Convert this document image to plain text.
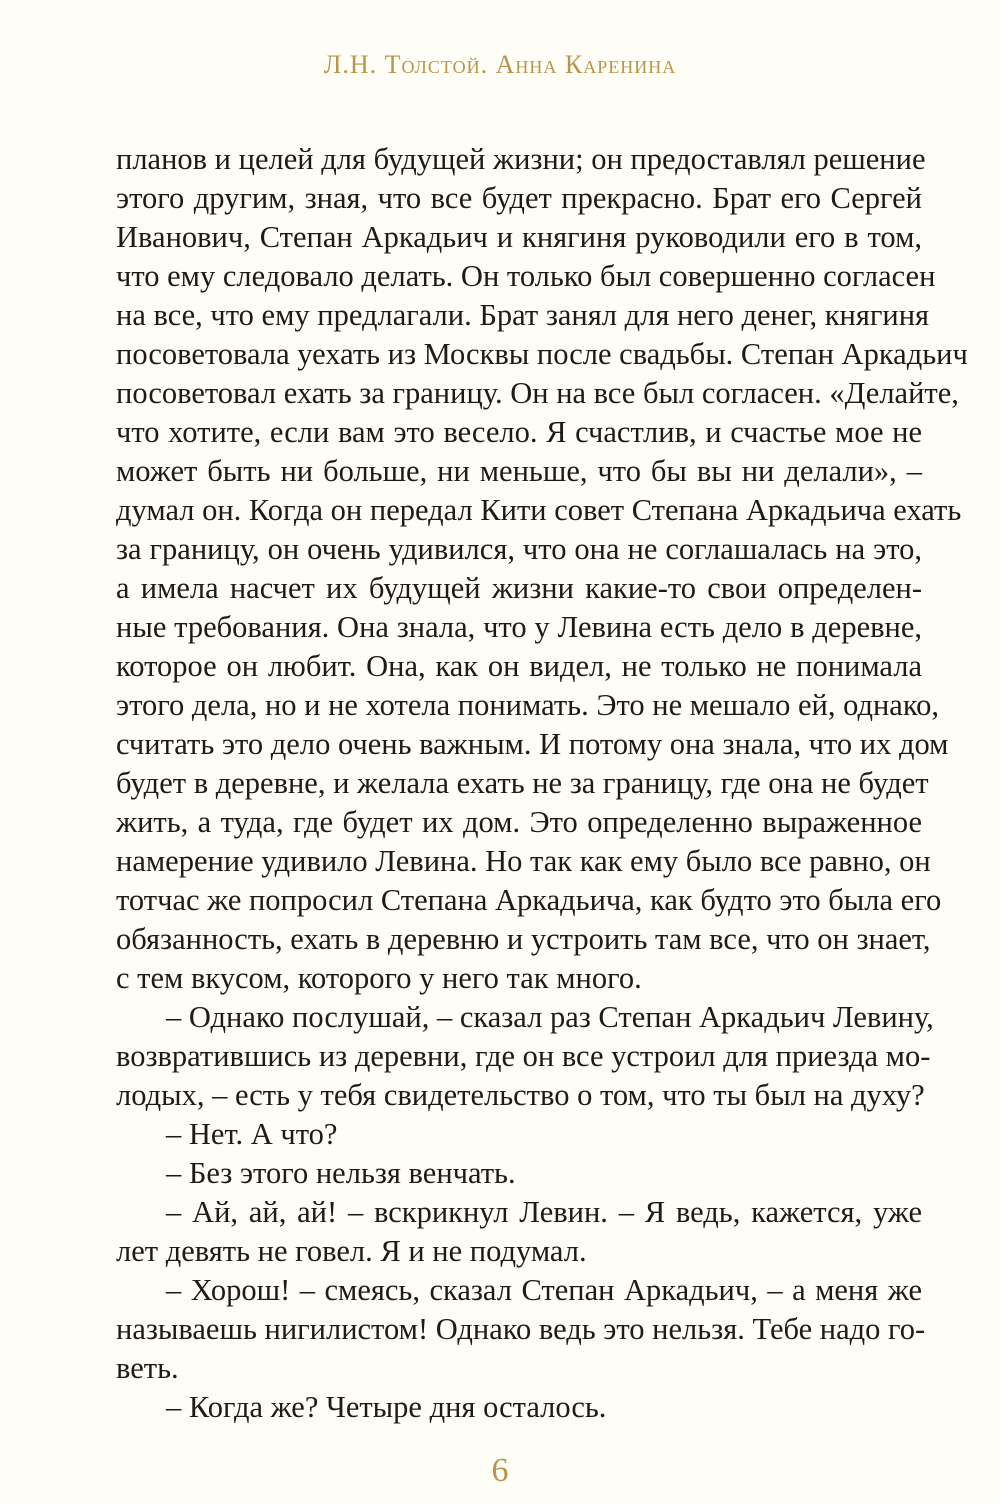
Л.Н. Толстой. Анна Каренина
планов и целей для будущей жизни; он предоставлял решение
этого другим, зная, что все будет прекрасно. Брат его Сергей
Иванович, Степан Аркадьич и княгиня руководили его в том,
что ему следовало делать. Он только был совершенно согласен
на все, что ему предлагали. Брат занял для него денег, княгиня
посоветовала уехать из Москвы после свадьбы. Степан Аркадьич
посоветовал ехать за границу. Он на все был согласен. «Делайте,
что хотите, если вам это весело. Я счастлив, и счастье мое не
может быть ни больше, ни меньше, что бы вы ни делали», –
думал он. Когда он передал Кити совет Степана Аркадьича ехать
за границу, он очень удивился, что она не соглашалась на это,
а имела насчет их будущей жизни какие-то свои определен-
ные требования. Она знала, что у Левина есть дело в деревне,
которое он любит. Она, как он видел, не только не понимала
этого дела, но и не хотела понимать. Это не мешало ей, однако,
считать это дело очень важным. И потому она знала, что их дом
будет в деревне, и желала ехать не за границу, где она не будет
жить, а туда, где будет их дом. Это определенно выраженное
намерение удивило Левина. Но так как ему было все равно, он
тотчас же попросил Степана Аркадьича, как будто это была его
обязанность, ехать в деревню и устроить там все, что он знает,
с тем вкусом, которого у него так много.
– Однако послушай, – сказал раз Степан Аркадьич Левину,
возвратившись из деревни, где он все устроил для приезда мо-
лодых, – есть у тебя свидетельство о том, что ты был на духу?
– Нет. А что?
– Без этого нельзя венчать.
– Ай, ай, ай! – вскрикнул Левин. – Я ведь, кажется, уже
лет девять не говел. Я и не подумал.
– Хорош! – смеясь, сказал Степан Аркадьич, – а меня же
называешь нигилистом! Однако ведь это нельзя. Тебе надо го-
веть.
– Когда же? Четыре дня осталось.
6
